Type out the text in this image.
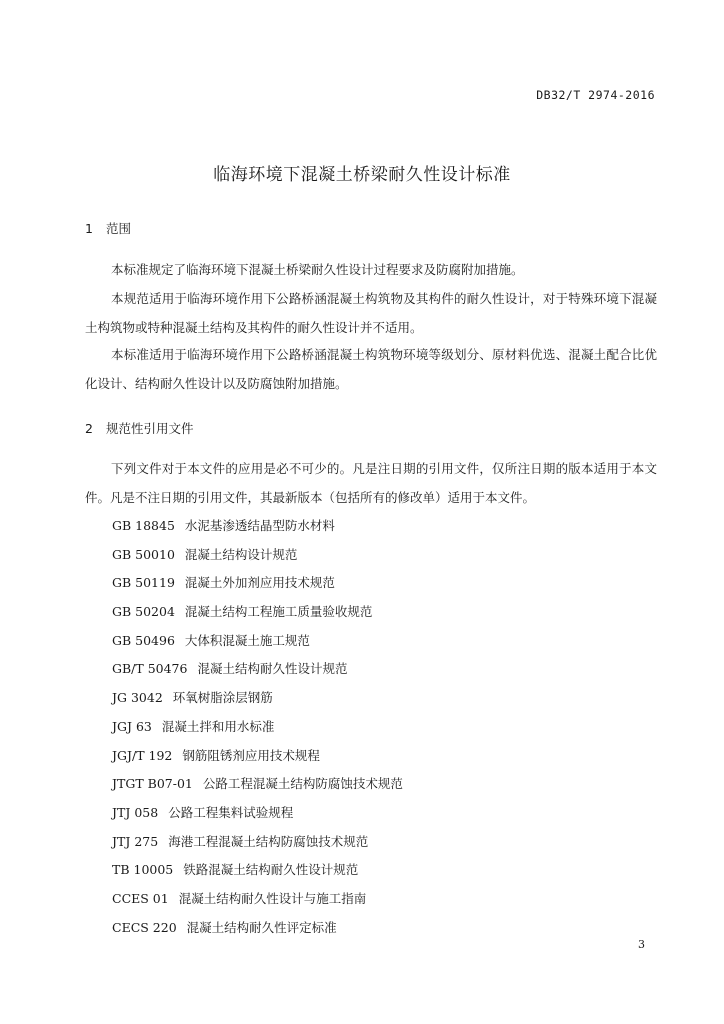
DB32/T 2974-2016
临海环境下混凝土桥梁耐久性设计标准
1 范围

本标准规定了临海环境下混凝土桥梁耐久性设计过程要求及防腐附加措施。

本规范适用于临海环境作用下公路桥涵混凝土构筑物及其构件的耐久性设计，对于特殊环境下混凝土构筑物或特种混凝土结构及其构件的耐久性设计并不适用。

本标准适用于临海环境作用下公路桥涵混凝土构筑物环境等级划分、原材料优选、混凝土配合比优化设计、结构耐久性设计以及防腐蚀附加措施。

2 规范性引用文件

下列文件对于本文件的应用是必不可少的。凡是注日期的引用文件，仅所注日期的版本适用于本文件。凡是不注日期的引用文件，其最新版本（包括所有的修改单）适用于本文件。

GB 18845 水泥基渗透结晶型防水材料
GB 50010 混凝土结构设计规范
GB 50119 混凝土外加剂应用技术规范
GB 50204 混凝土结构工程施工质量验收规范
GB 50496 大体积混凝土施工规范
GB/T 50476 混凝土结构耐久性设计规范
JG 3042 环氧树脂涂层钢筋
JGJ 63 混凝土拌和用水标准
JGJ/T 192 钢筋阻锈剂应用技术规程
JTGT B07-01 公路工程混凝土结构防腐蚀技术规范
JTJ 058 公路工程集料试验规程
JTJ 275 海港工程混凝土结构防腐蚀技术规范
TB 10005 铁路混凝土结构耐久性设计规范
CCES 01 混凝土结构耐久性设计与施工指南
CECS 220 混凝土结构耐久性评定标准
3
